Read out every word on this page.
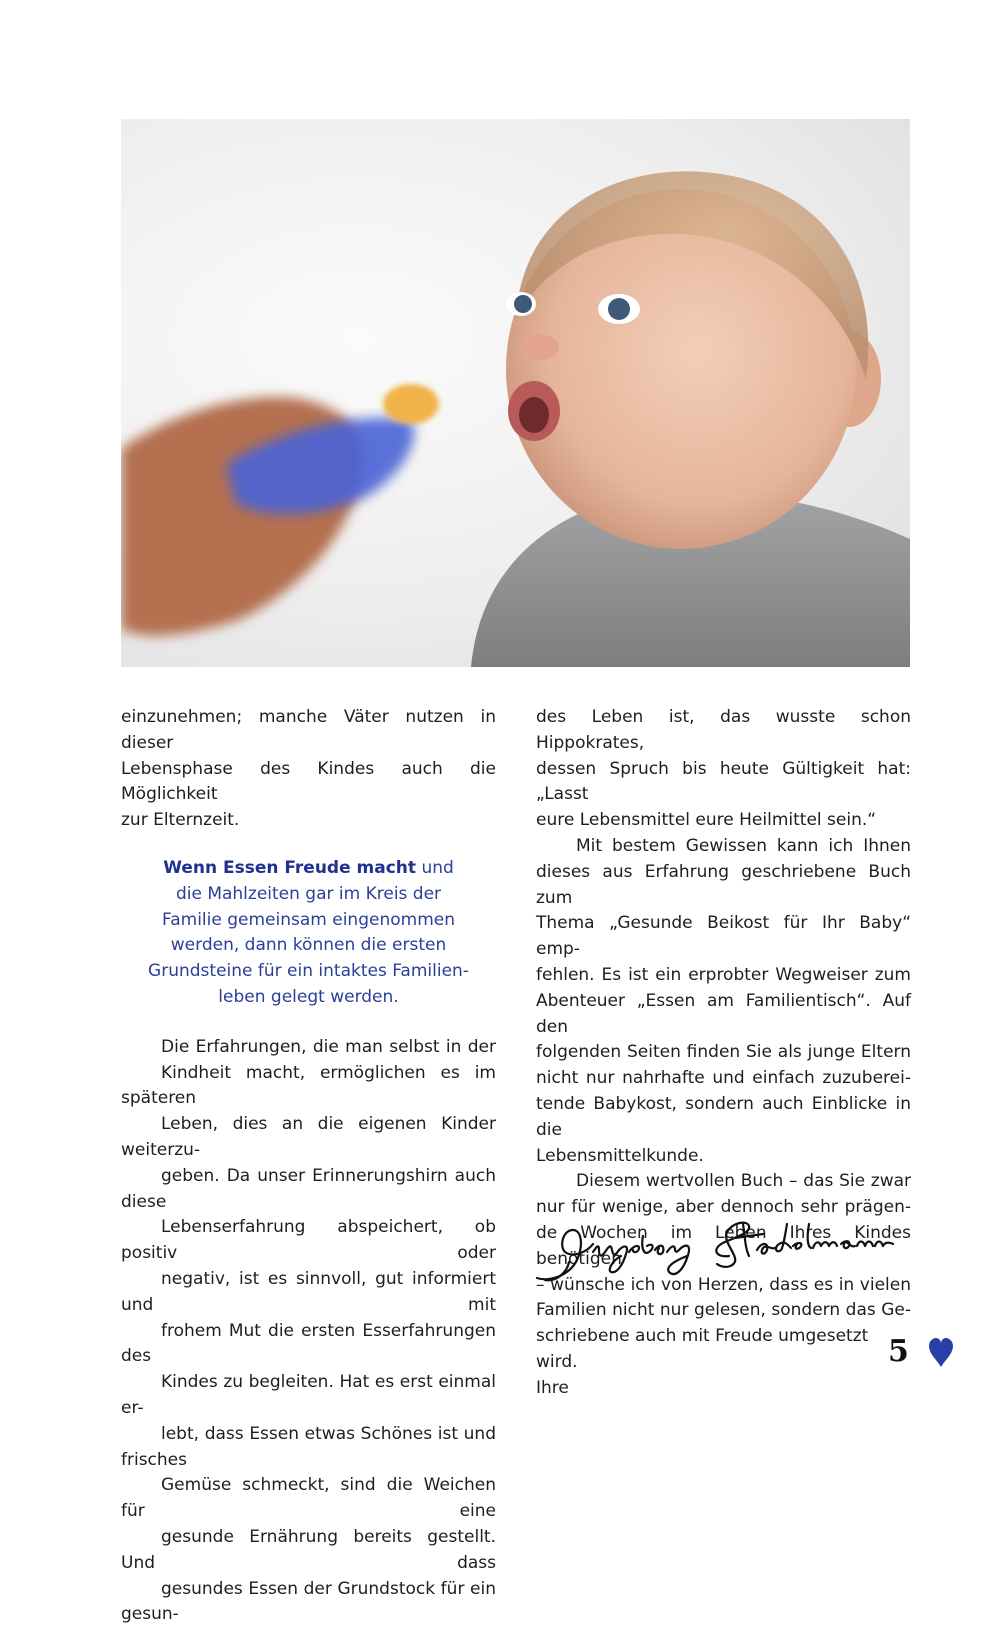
einzunehmen; manche Väter nutzen in dieser
Lebensphase des Kindes auch die Möglichkeit
zur Elternzeit.

Wenn Essen Freude macht und
die Mahlzeiten gar im Kreis der
Familie gemeinsam eingenommen
werden, dann können die ersten
Grundsteine für ein intaktes Familien-
leben gelegt werden.

Die Erfahrungen, die man selbst in der
Kindheit macht, ermöglichen es im späteren
Leben, dies an die eigenen Kinder weiterzu-
geben. Da unser Erinnerungshirn auch diese
Lebenserfahrung abspeichert, ob positiv oder
negativ, ist es sinnvoll, gut informiert und mit
frohem Mut die ersten Esserfahrungen des
Kindes zu begleiten. Hat es erst einmal er-
lebt, dass Essen etwas Schönes ist und frisches
Gemüse schmeckt, sind die Weichen für eine
gesunde Ernährung bereits gestellt. Und dass
gesundes Essen der Grundstock für ein gesun-

des Leben ist, das wusste schon Hippokrates,
dessen Spruch bis heute Gültigkeit hat: „Lasst
eure Lebensmittel eure Heilmittel sein.“

Mit bestem Gewissen kann ich Ihnen
dieses aus Erfahrung geschriebene Buch zum
Thema „Gesunde Beikost für Ihr Baby“ emp-
fehlen. Es ist ein erprobter Wegweiser zum
Abenteuer „Essen am Familientisch“. Auf den
folgenden Seiten finden Sie als junge Eltern
nicht nur nahrhafte und einfach zuzuberei-
tende Babykost, sondern auch Einblicke in die
Lebensmittelkunde.

Diesem wertvollen Buch – das Sie zwar
nur für wenige, aber dennoch sehr prägen-
de Wochen im Leben Ihres Kindes benötigen
– wünsche ich von Herzen, dass es in vielen
Familien nicht nur gelesen, sondern das Ge-
schriebene auch mit Freude umgesetzt wird.

Ihre

5
